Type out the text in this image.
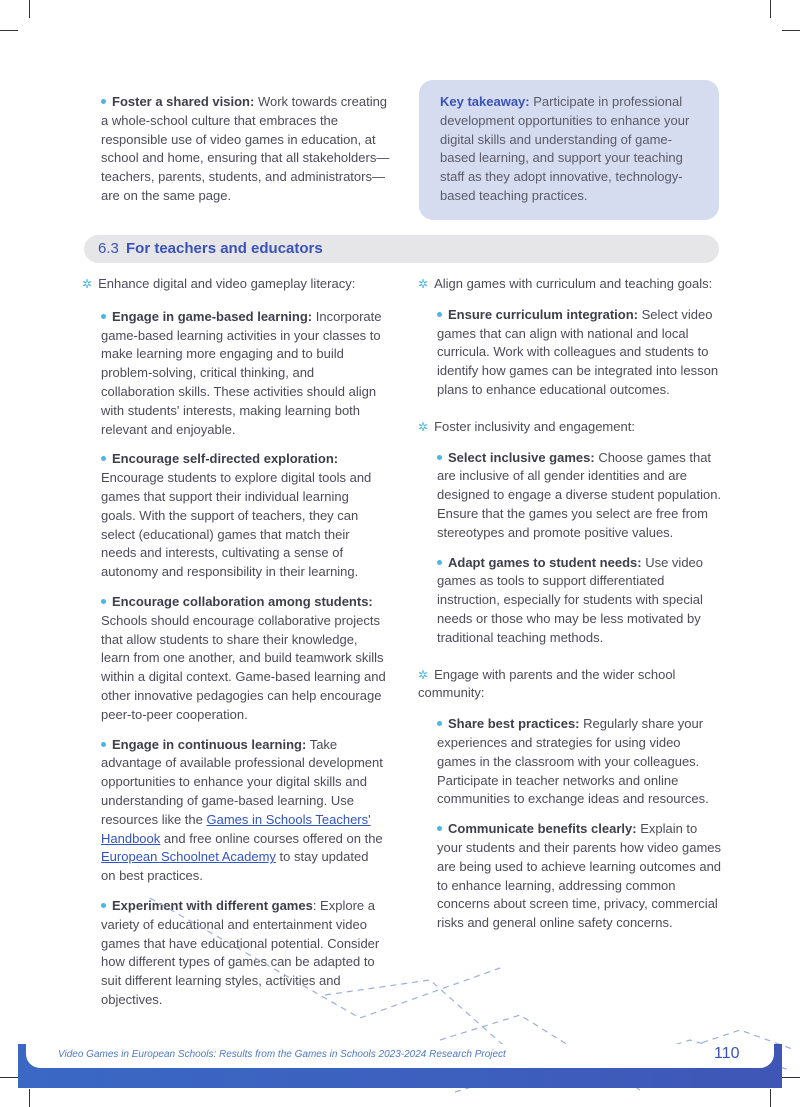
Foster a shared vision: Work towards creating a whole-school culture that embraces the responsible use of video games in education, at school and home, ensuring that all stakeholders—teachers, parents, students, and administrators—are on the same page.

Key takeaway: Participate in professional development opportunities to enhance your digital skills and understanding of game-based learning, and support your teaching staff as they adopt innovative, technology-based teaching practices.

6.3 For teachers and educators

✲ Enhance digital and video gameplay literacy:

Engage in game-based learning: Incorporate game-based learning activities in your classes to make learning more engaging and to build problem-solving, critical thinking, and collaboration skills. These activities should align with students' interests, making learning both relevant and enjoyable.

Encourage self-directed exploration: Encourage students to explore digital tools and games that support their individual learning goals. With the support of teachers, they can select (educational) games that match their needs and interests, cultivating a sense of autonomy and responsibility in their learning.

Encourage collaboration among students: Schools should encourage collaborative projects that allow students to share their knowledge, learn from one another, and build teamwork skills within a digital context. Game-based learning and other innovative pedagogies can help encourage peer-to-peer cooperation.

Engage in continuous learning: Take advantage of available professional development opportunities to enhance your digital skills and understanding of game-based learning. Use resources like the Games in Schools Teachers' Handbook and free online courses offered on the European Schoolnet Academy to stay updated on best practices.

Experiment with different games: Explore a variety of educational and entertainment video games that have educational potential. Consider how different types of games can be adapted to suit different learning styles, activities and objectives.

✲ Align games with curriculum and teaching goals:

Ensure curriculum integration: Select video games that can align with national and local curricula. Work with colleagues and students to identify how games can be integrated into lesson plans to enhance educational outcomes.

✲ Foster inclusivity and engagement:

Select inclusive games: Choose games that are inclusive of all gender identities and are designed to engage a diverse student population. Ensure that the games you select are free from stereotypes and promote positive values.

Adapt games to student needs: Use video games as tools to support differentiated instruction, especially for students with special needs or those who may be less motivated by traditional teaching methods.

✲ Engage with parents and the wider school community:

Share best practices: Regularly share your experiences and strategies for using video games in the classroom with your colleagues. Participate in teacher networks and online communities to exchange ideas and resources.

Communicate benefits clearly: Explain to your students and their parents how video games are being used to achieve learning outcomes and to enhance learning, addressing common concerns about screen time, privacy, commercial risks and general online safety concerns.

Video Games in European Schools: Results from the Games in Schools 2023-2024 Research Project	110
